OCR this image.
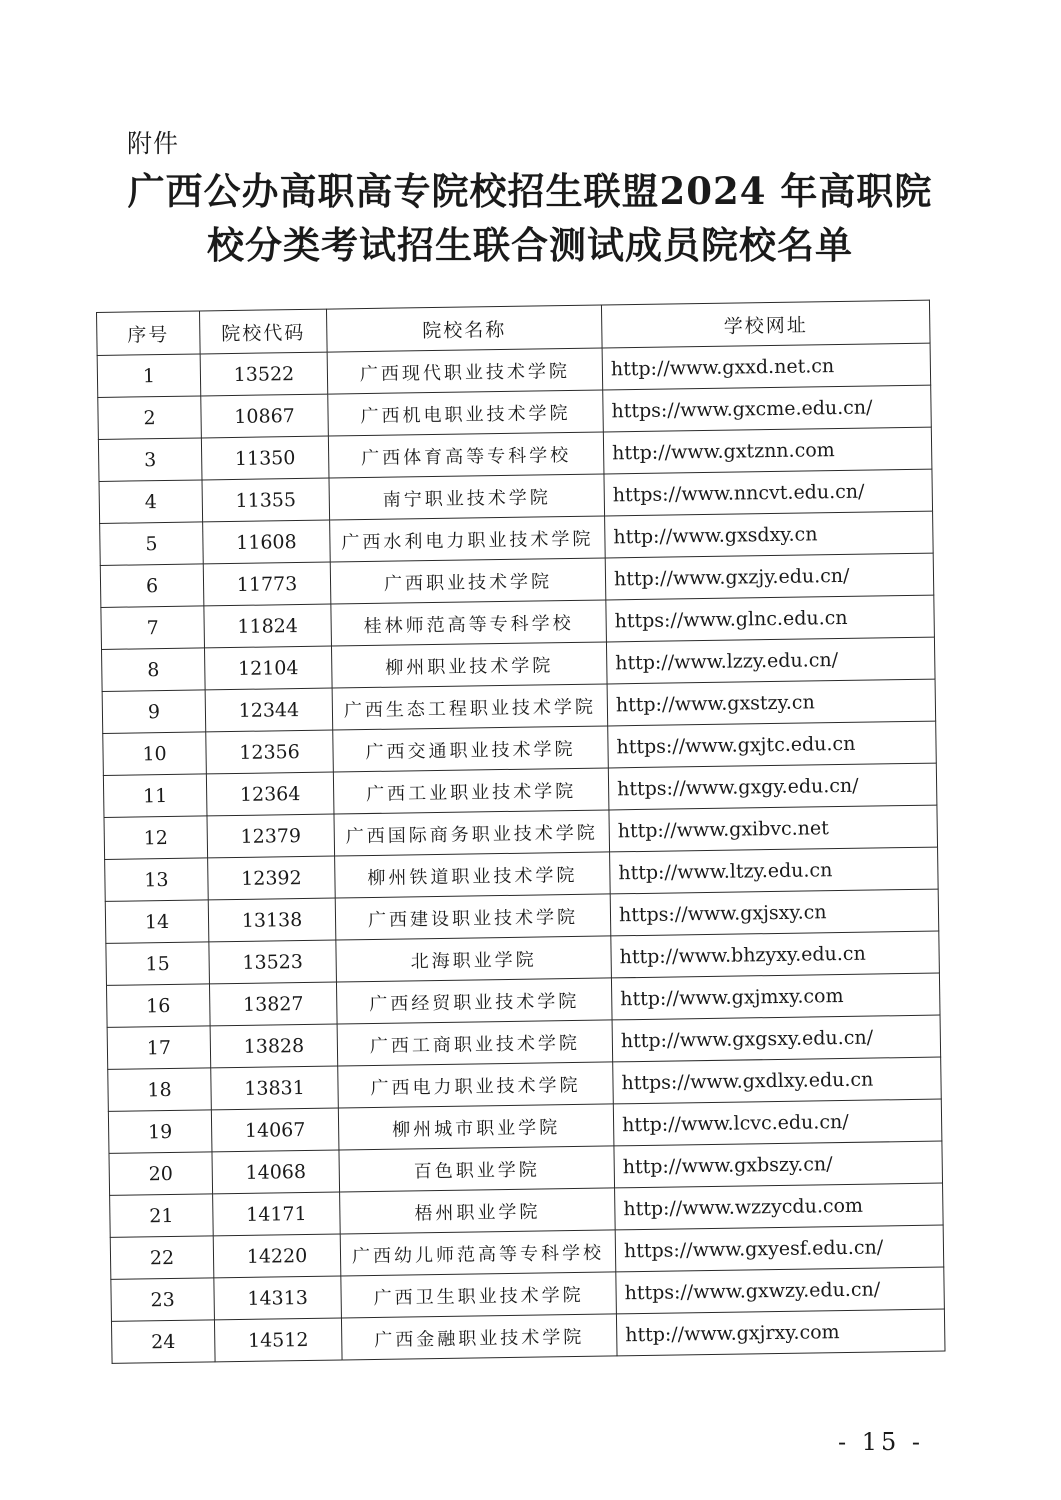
附件
广西公办高职高专院校招生联盟2024 年高职院
校分类考试招生联合测试成员院校名单
序号	院校代码	院校名称	学校网址
1	13522	广西现代职业技术学院	http://www.gxxd.net.cn
2	10867	广西机电职业技术学院	https://www.gxcme.edu.cn/
3	11350	广西体育高等专科学校	http://www.gxtznn.com
4	11355	南宁职业技术学院	https://www.nncvt.edu.cn/
5	11608	广西水利电力职业技术学院	http://www.gxsdxy.cn
6	11773	广西职业技术学院	http://www.gxzjy.edu.cn/
7	11824	桂林师范高等专科学校	https://www.glnc.edu.cn
8	12104	柳州职业技术学院	http://www.lzzy.edu.cn/
9	12344	广西生态工程职业技术学院	http://www.gxstzy.cn
10	12356	广西交通职业技术学院	https://www.gxjtc.edu.cn
11	12364	广西工业职业技术学院	https://www.gxgy.edu.cn/
12	12379	广西国际商务职业技术学院	http://www.gxibvc.net
13	12392	柳州铁道职业技术学院	http://www.ltzy.edu.cn
14	13138	广西建设职业技术学院	https://www.gxjsxy.cn
15	13523	北海职业学院	http://www.bhzyxy.edu.cn
16	13827	广西经贸职业技术学院	http://www.gxjmxy.com
17	13828	广西工商职业技术学院	http://www.gxgsxy.edu.cn/
18	13831	广西电力职业技术学院	https://www.gxdlxy.edu.cn
19	14067	柳州城市职业学院	http://www.lcvc.edu.cn/
20	14068	百色职业学院	http://www.gxbszy.cn/
21	14171	梧州职业学院	http://www.wzzycdu.com
22	14220	广西幼儿师范高等专科学校	https://www.gxyesf.edu.cn/
23	14313	广西卫生职业技术学院	https://www.gxwzy.edu.cn/
24	14512	广西金融职业技术学院	http://www.gxjrxy.com
- 15 -
